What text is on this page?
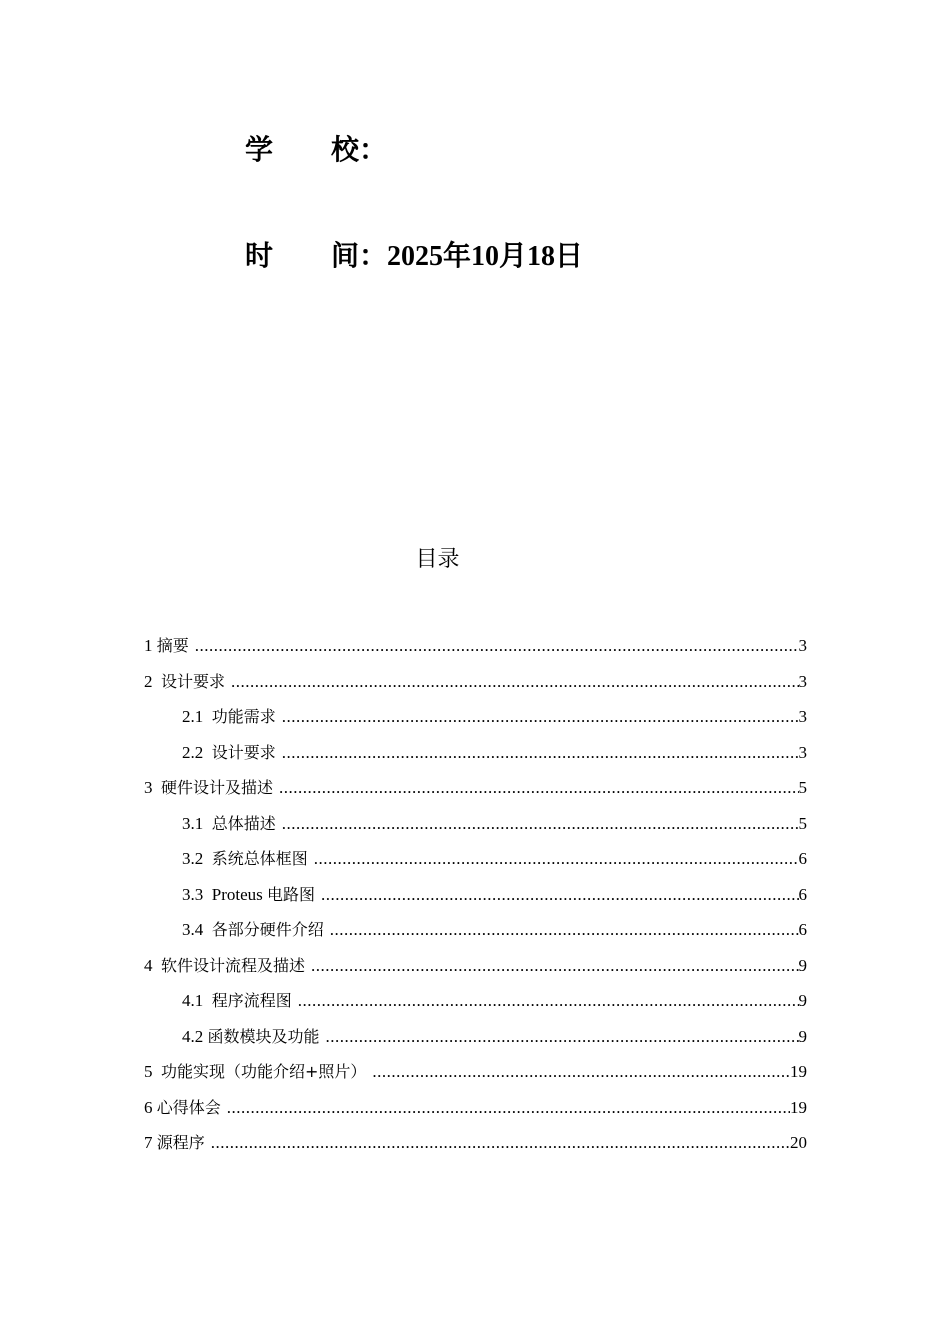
学 校：
时 间：2025年10月18日
目录
1 摘要 .....	3
2  设计要求 .....	3
2.1  功能需求 .....	3
2.2  设计要求 .....	3
3  硬件设计及描述 .....	5
3.1  总体描述 .....	5
3.2  系统总体框图 .....	6
3.3  Proteus 电路图 .....	6
3.4  各部分硬件介绍 .....	6
4  软件设计流程及描述 .....	9
4.1  程序流程图 .....	9
4.2 函数模块及功能 .....	9
5  功能实现（功能介绍+照片） .....	19
6 心得体会 .....	19
7 源程序 .....	20
